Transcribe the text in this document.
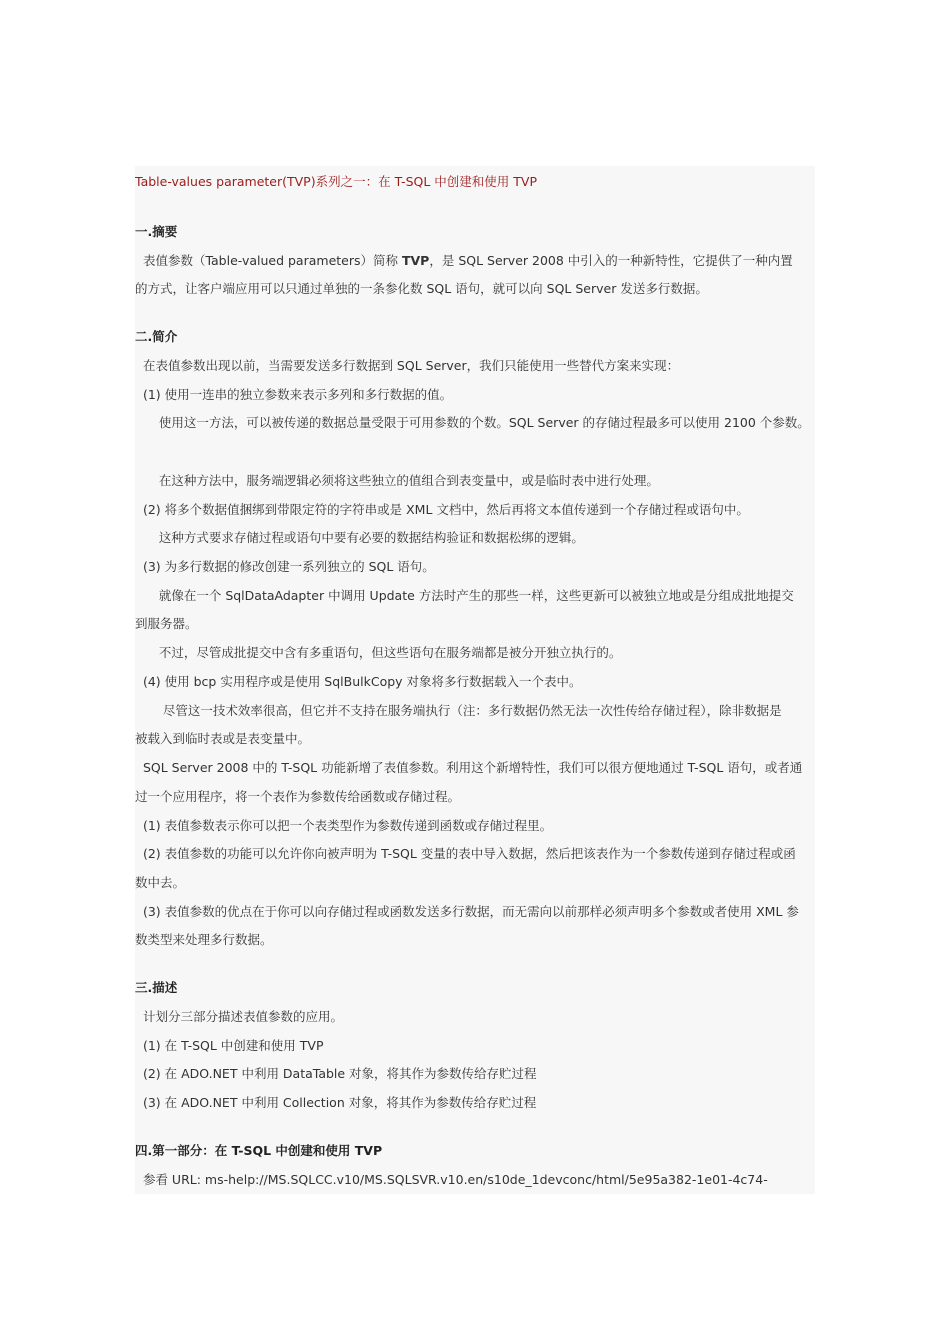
Table-values parameter(TVP)系列之一：在 T-SQL 中创建和使用 TVP
一.摘要
表值参数（Table-valued parameters）简称 TVP，是 SQL Server 2008 中引入的一种新特性，它提供了一种内置
的方式，让客户端应用可以只通过单独的一条参化数 SQL 语句，就可以向 SQL Server 发送多行数据。
二.简介
在表值参数出现以前，当需要发送多行数据到 SQL Server，我们只能使用一些替代方案来实现：
(1) 使用一连串的独立参数来表示多列和多行数据的值。
使用这一方法，可以被传递的数据总量受限于可用参数的个数。SQL Server 的存储过程最多可以使用 2100 个参数。
在这种方法中，服务端逻辑必须将这些独立的值组合到表变量中，或是临时表中进行处理。
(2) 将多个数据值捆绑到带限定符的字符串或是 XML 文档中，然后再将文本值传递到一个存储过程或语句中。
这种方式要求存储过程或语句中要有必要的数据结构验证和数据松绑的逻辑。
(3) 为多行数据的修改创建一系列独立的 SQL 语句。
就像在一个 SqlDataAdapter 中调用 Update 方法时产生的那些一样，这些更新可以被独立地或是分组成批地提交
到服务器。
不过，尽管成批提交中含有多重语句，但这些语句在服务端都是被分开独立执行的。
(4) 使用 bcp 实用程序或是使用 SqlBulkCopy 对象将多行数据载入一个表中。
尽管这一技术效率很高，但它并不支持在服务端执行（注：多行数据仍然无法一次性传给存储过程），除非数据是
被载入到临时表或是表变量中。
SQL Server 2008 中的 T-SQL 功能新增了表值参数。利用这个新增特性，我们可以很方便地通过 T-SQL 语句，或者通
过一个应用程序，将一个表作为参数传给函数或存储过程。
(1) 表值参数表示你可以把一个表类型作为参数传递到函数或存储过程里。
(2) 表值参数的功能可以允许你向被声明为 T-SQL 变量的表中导入数据，然后把该表作为一个参数传递到存储过程或函
数中去。
(3) 表值参数的优点在于你可以向存储过程或函数发送多行数据，而无需向以前那样必须声明多个参数或者使用 XML 参
数类型来处理多行数据。
三.描述
计划分三部分描述表值参数的应用。
(1) 在 T-SQL 中创建和使用 TVP
(2) 在 ADO.NET 中利用 DataTable 对象，将其作为参数传给存贮过程
(3) 在 ADO.NET 中利用 Collection 对象，将其作为参数传给存贮过程
四.第一部分：在 T-SQL 中创建和使用 TVP
参看 URL: ms-help://MS.SQLCC.v10/MS.SQLSVR.v10.en/s10de_1devconc/html/5e95a382-1e01-4c74-
